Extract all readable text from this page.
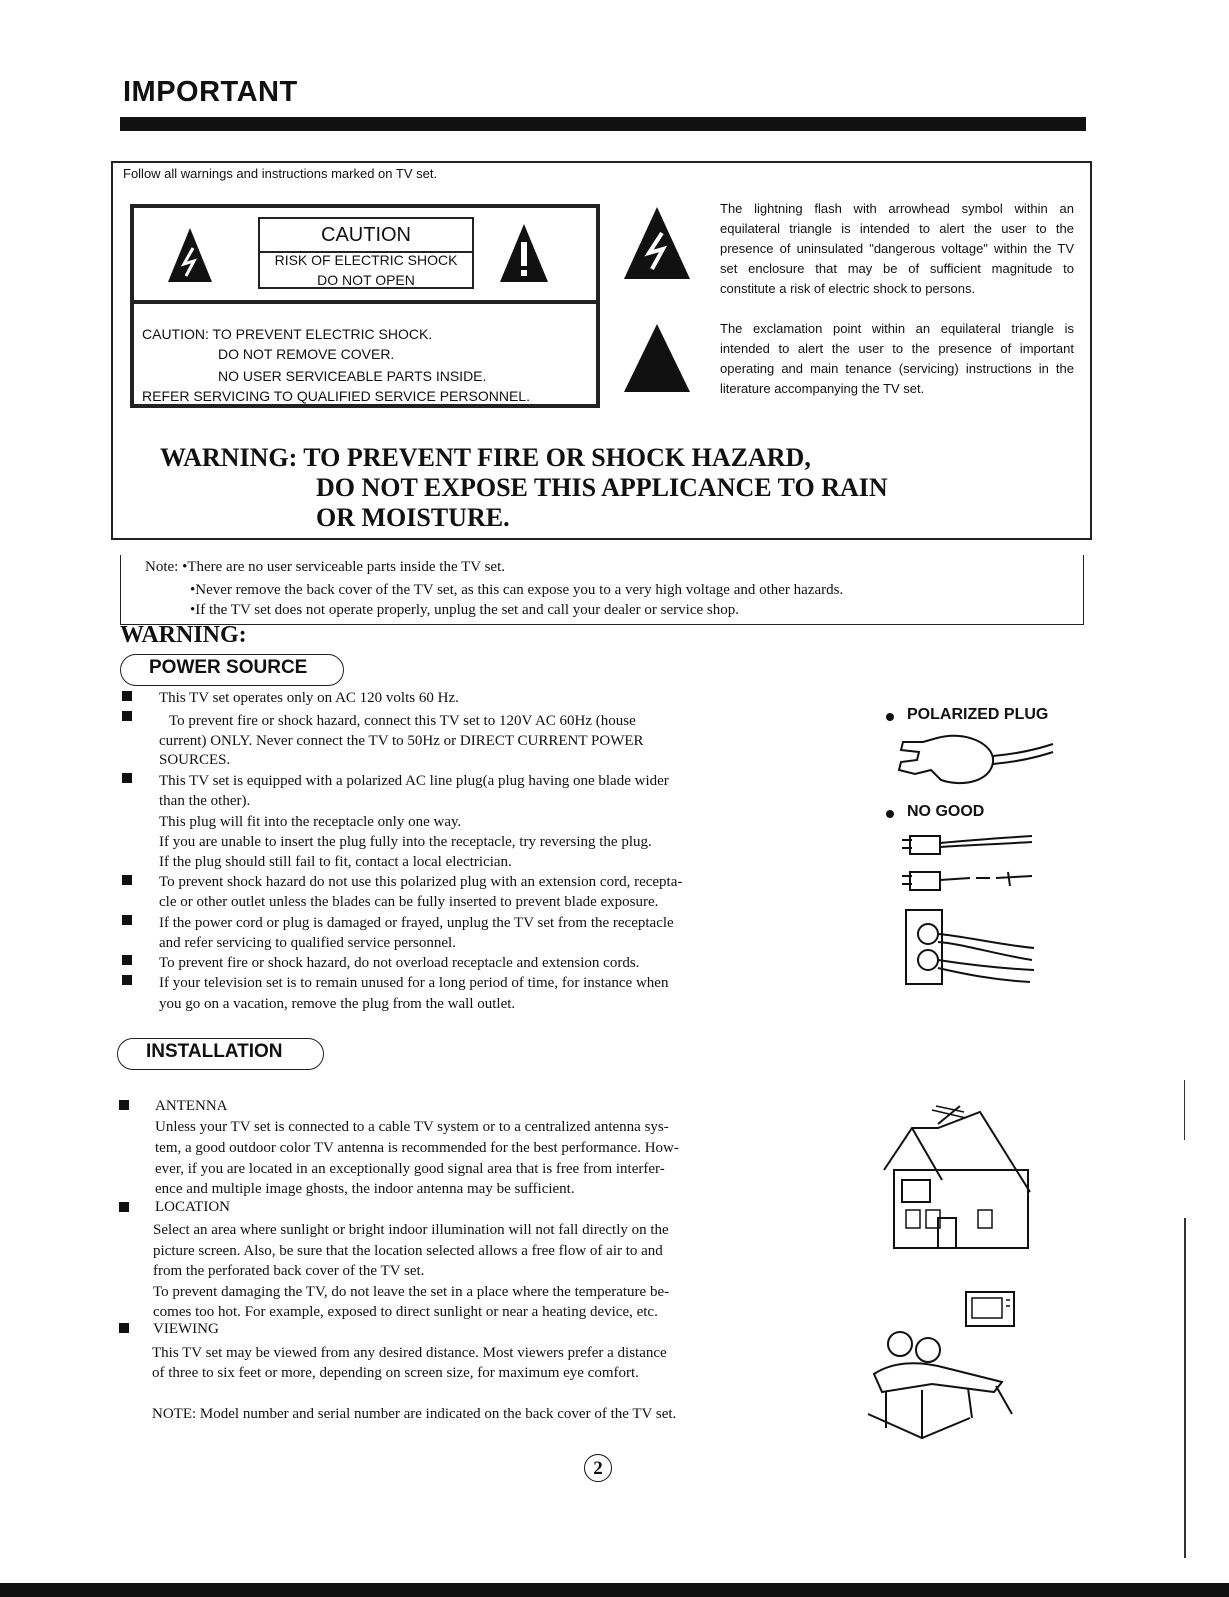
IMPORTANT
Follow all warnings and instructions marked on TV set.
CAUTION
RISK OF ELECTRIC SHOCK
DO NOT OPEN
CAUTION: TO PREVENT ELECTRIC SHOCK.
DO NOT REMOVE COVER.
NO USER SERVICEABLE PARTS INSIDE.
REFER SERVICING TO QUALIFIED SERVICE PERSONNEL.
The lightning flash with arrowhead symbol within an equilateral triangle is intended to alert the user to the presence of uninsulated "dangerous voltage" within the TV set enclosure that may be of sufficient magnitude to constitute a risk of electric shock to persons.
The exclamation point within an equilateral triangle is intended to alert the user to the presence of important operating and main tenance (servicing) instructions in the literature accompanying the TV set.
WARNING: TO PREVENT FIRE OR SHOCK HAZARD,
DO NOT EXPOSE THIS APPLICANCE TO RAIN
OR MOISTURE.
Note: •There are no user serviceable parts inside the TV set.
•Never remove the back cover of the TV set, as this can expose you to a very high voltage and other hazards.
•If the TV set does not operate properly, unplug the set and call your dealer or service shop.
WARNING:
POWER SOURCE
This TV set operates only on AC 120 volts 60 Hz.
To prevent fire or shock hazard, connect this TV set to 120V AC 60Hz (house
current) ONLY. Never connect the TV to 50Hz or DIRECT CURRENT POWER
SOURCES.
This TV set is equipped with a polarized AC line plug(a plug having one blade wider
than the other).
This plug will fit into the receptacle only one way.
If you are unable to insert the plug fully into the receptacle, try reversing the plug.
If the plug should still fail to fit, contact a local electrician.
To prevent shock hazard do not use this polarized plug with an extension cord, recepta-
cle or other outlet unless the blades can be fully inserted to prevent blade exposure.
If the power cord or plug is damaged or frayed, unplug the TV set from the receptacle
and refer servicing to qualified service personnel.
To prevent fire or shock hazard, do not overload receptacle and extension cords.
If your television set is to remain unused for a long period of time, for instance when
you go on a vacation, remove the plug from the wall outlet.
POLARIZED PLUG
NO GOOD
INSTALLATION
ANTENNA
Unless your TV set is connected to a cable TV system or to a centralized antenna sys-
tem, a good outdoor color TV antenna is recommended for the best performance. How-
ever, if you are located in an exceptionally good signal area that is free from interfer-
ence and multiple image ghosts, the indoor antenna may be sufficient.
LOCATION
Select an area where sunlight or bright indoor illumination will not fall directly on the
picture screen. Also, be sure that the location selected allows a free flow of air to and
from the perforated back cover of the TV set.
To prevent damaging the TV, do not leave the set in a place where the temperature be-
comes too hot. For example, exposed to direct sunlight or near a heating device, etc.
VIEWING
This TV set may be viewed from any desired distance. Most viewers prefer a distance
of three to six feet or more, depending on screen size, for maximum eye comfort.
NOTE: Model number and serial number are indicated on the back cover of the TV set.
2
